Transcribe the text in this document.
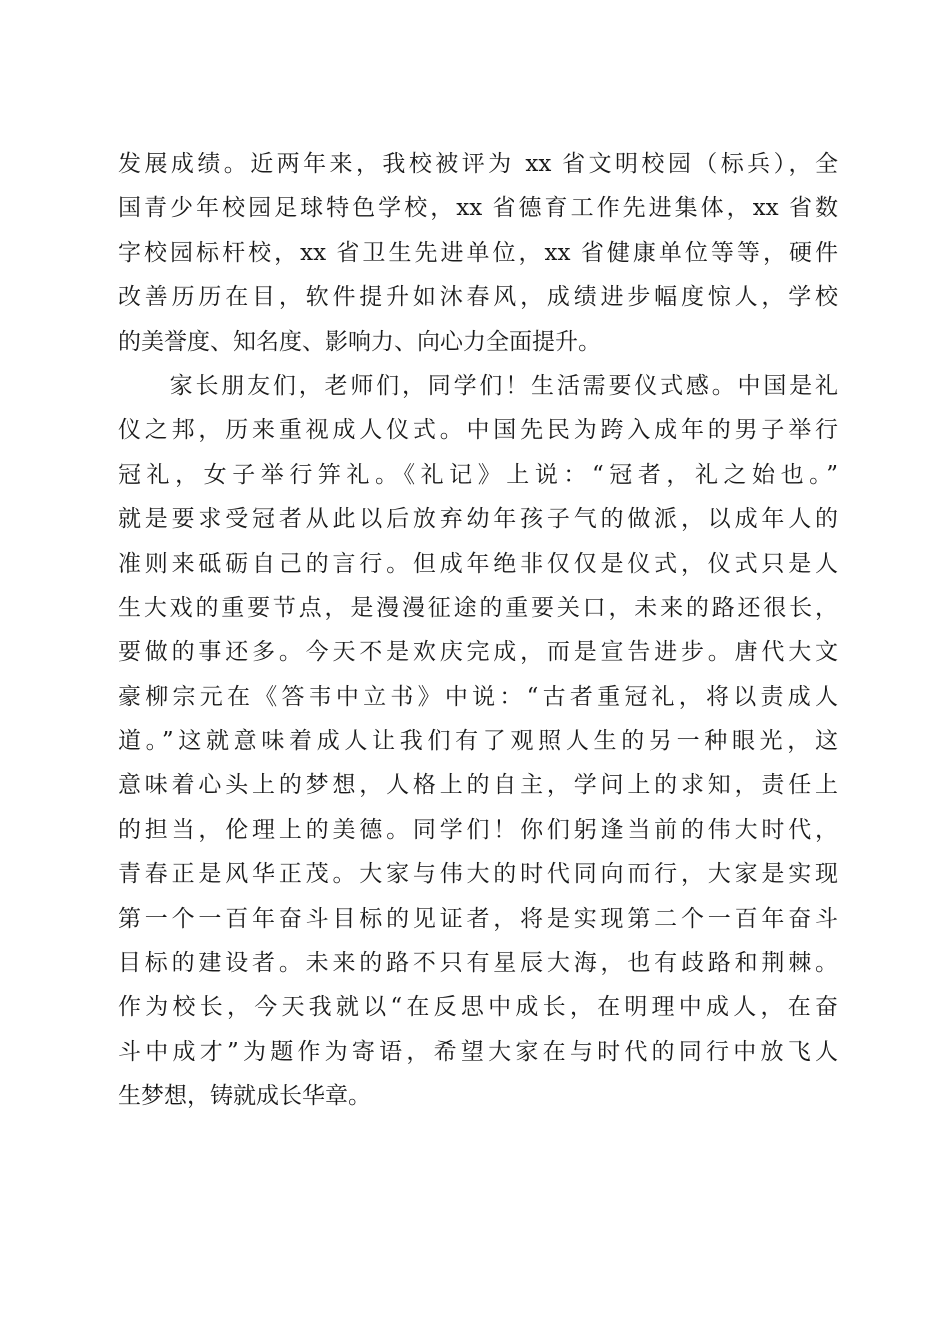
发展成绩。近两年来，我校被评为 xx 省文明校园（标兵），全
国青少年校园足球特色学校，xx 省德育工作先进集体，xx 省数
字校园标杆校，xx 省卫生先进单位，xx 省健康单位等等，硬件
改善历历在目，软件提升如沐春风，成绩进步幅度惊人，学校
的美誉度、知名度、影响力、向心力全面提升。
　　家长朋友们，老师们，同学们！生活需要仪式感。中国是礼
仪之邦，历来重视成人仪式。中国先民为跨入成年的男子举行
冠礼，女子举行笄礼。《礼记》上说：“冠者，礼之始也。”
就是要求受冠者从此以后放弃幼年孩子气的做派，以成年人的
准则来砥砺自己的言行。但成年绝非仅仅是仪式，仪式只是人
生大戏的重要节点，是漫漫征途的重要关口，未来的路还很长，
要做的事还多。今天不是欢庆完成，而是宣告进步。唐代大文
豪柳宗元在《答韦中立书》中说：“古者重冠礼，将以责成人
道。”这就意味着成人让我们有了观照人生的另一种眼光，这
意味着心头上的梦想，人格上的自主，学问上的求知，责任上
的担当，伦理上的美德。同学们！你们躬逢当前的伟大时代，
青春正是风华正茂。大家与伟大的时代同向而行，大家是实现
第一个一百年奋斗目标的见证者，将是实现第二个一百年奋斗
目标的建设者。未来的路不只有星辰大海，也有歧路和荆棘。
作为校长，今天我就以“在反思中成长，在明理中成人，在奋
斗中成才”为题作为寄语，希望大家在与时代的同行中放飞人
生梦想，铸就成长华章。
